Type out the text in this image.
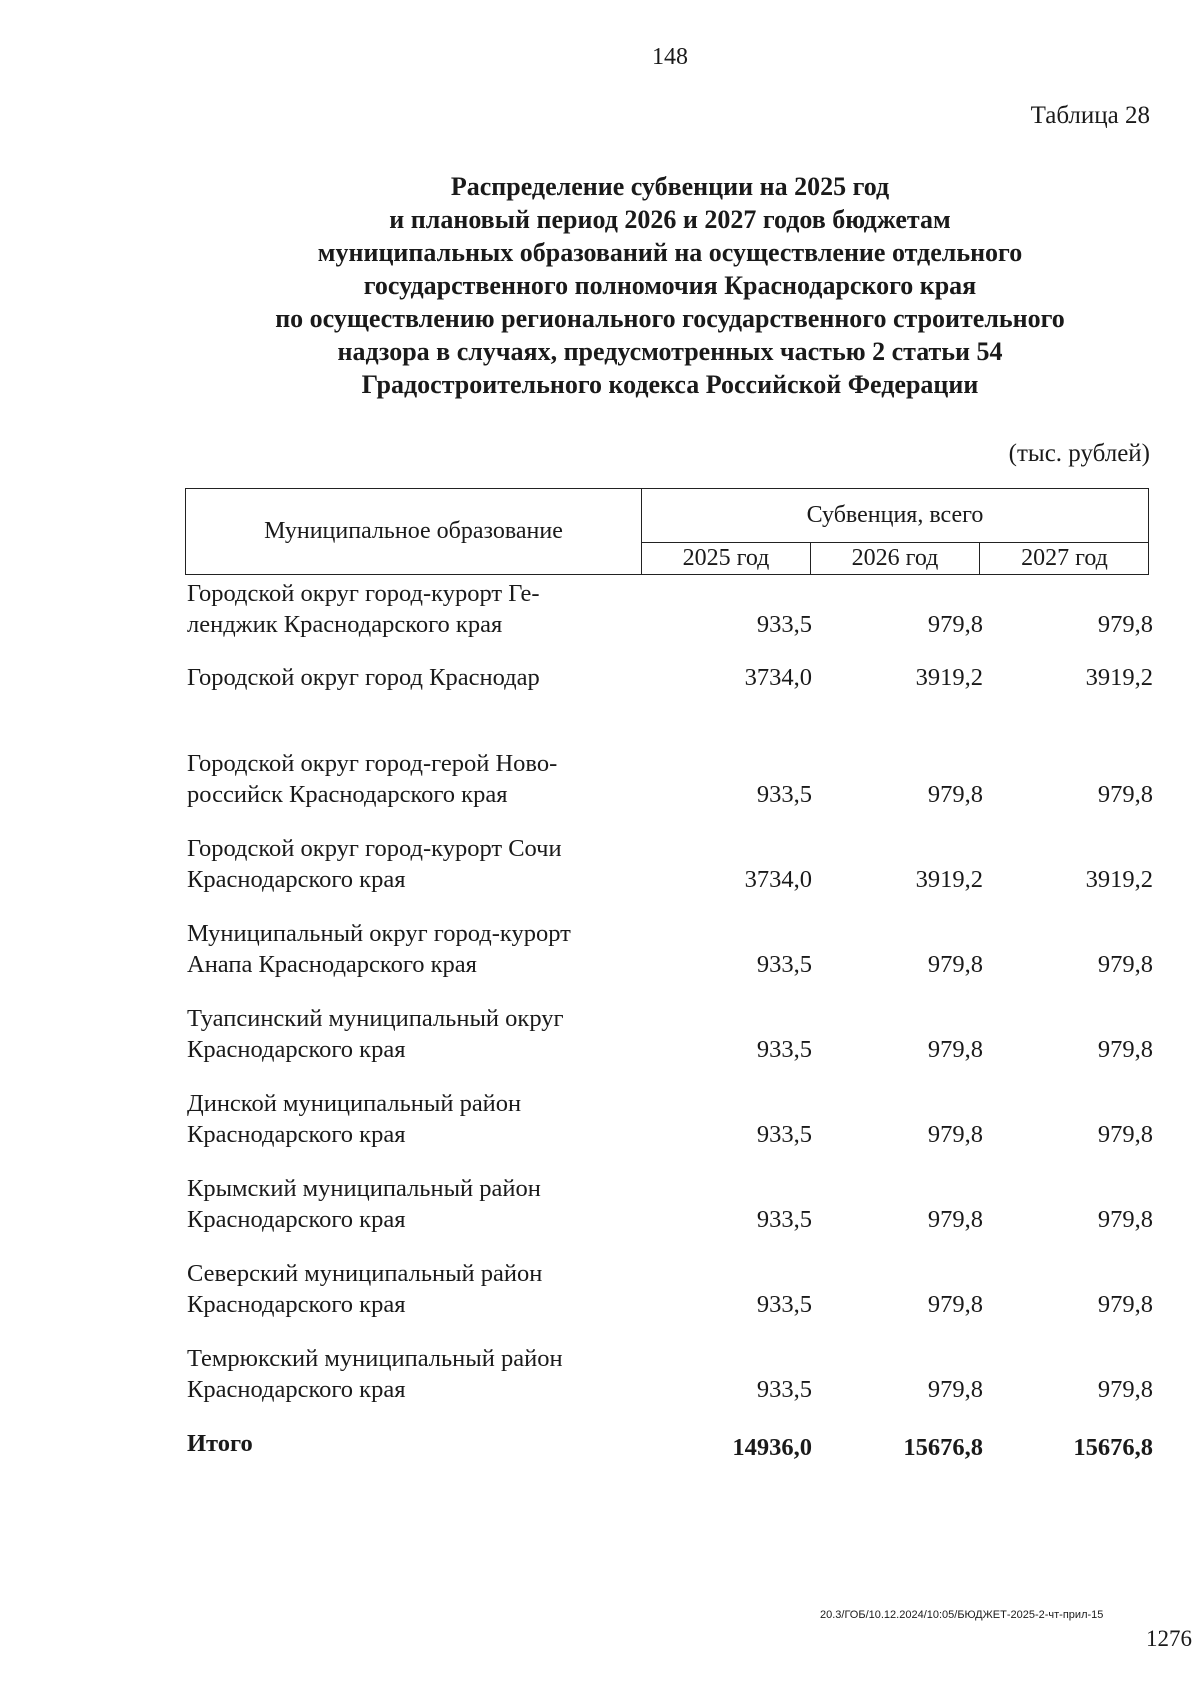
148
Таблица 28
Распределение субвенции на 2025 год
и плановый период 2026 и 2027 годов бюджетам
муниципальных образований на осуществление отдельного
государственного полномочия Краснодарского края
по осуществлению регионального государственного строительного
надзора в случаях, предусмотренных частью 2 статьи 54
Градостроительного кодекса Российской Федерации
(тыс. рублей)
Муниципальное образование
Субвенция, всего
2025 год	2026 год	2027 год
Городской округ город-курорт Ге-
ленджик Краснодарского края	933,5	979,8	979,8
Городской округ город Краснодар	3734,0	3919,2	3919,2
Городской округ город-герой Ново-
российск Краснодарского края	933,5	979,8	979,8
Городской округ город-курорт Сочи
Краснодарского края	3734,0	3919,2	3919,2
Муниципальный округ город-курорт
Анапа Краснодарского края	933,5	979,8	979,8
Туапсинский муниципальный округ
Краснодарского края	933,5	979,8	979,8
Динской муниципальный район
Краснодарского края	933,5	979,8	979,8
Крымский муниципальный район
Краснодарского края	933,5	979,8	979,8
Северский муниципальный район
Краснодарского края	933,5	979,8	979,8
Темрюкский муниципальный район
Краснодарского края	933,5	979,8	979,8
Итого	14936,0	15676,8	15676,8
20.3/ГОБ/10.12.2024/10:05/БЮДЖЕТ-2025-2-чт-прил-15
1276
